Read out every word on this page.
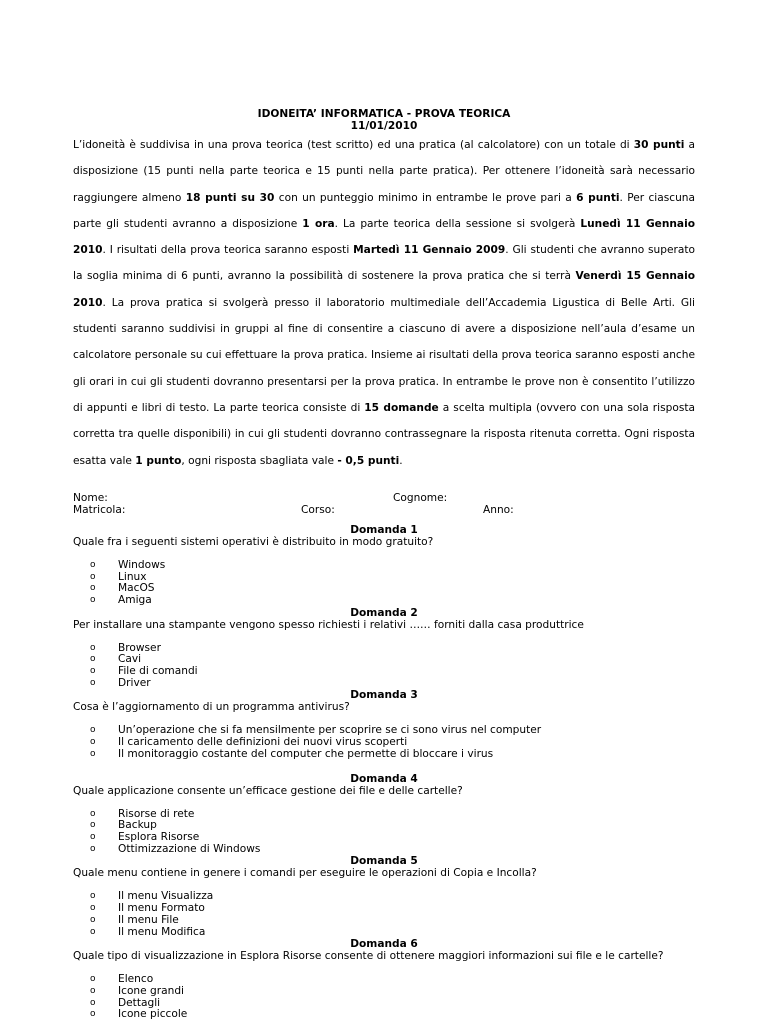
IDONEITA’ INFORMATICA - PROVA TEORICA
11/01/2010

L’idoneità è suddivisa in una prova teorica (test scritto) ed una pratica (al calcolatore) con un totale di 30 punti a disposizione (15 punti nella parte teorica e 15 punti nella parte pratica). Per ottenere l’idoneità sarà necessario raggiungere almeno 18 punti su 30 con un punteggio minimo in entrambe le prove pari a 6 punti. Per ciascuna parte gli studenti avranno a disposizione 1 ora. La parte teorica della sessione si svolgerà Lunedì 11 Gennaio 2010. I risultati della prova teorica saranno esposti Martedì 11 Gennaio 2009. Gli studenti che avranno superato la soglia minima di 6 punti, avranno la possibilità di sostenere la prova pratica che si terrà Venerdì 15 Gennaio 2010. La prova pratica si svolgerà presso il laboratorio multimediale dell’Accademia Ligustica di Belle Arti. Gli studenti saranno suddivisi in gruppi al fine di consentire a ciascuno di avere a disposizione nell’aula d’esame un calcolatore personale su cui effettuare la prova pratica. Insieme ai risultati della prova teorica saranno esposti anche gli orari in cui gli studenti dovranno presentarsi per la prova pratica. In entrambe le prove non è consentito l’utilizzo di appunti e libri di testo. La parte teorica consiste di 15 domande a scelta multipla (ovvero con una sola risposta corretta tra quelle disponibili) in cui gli studenti dovranno contrassegnare la risposta ritenuta corretta. Ogni risposta esatta vale 1 punto, ogni risposta sbagliata vale - 0,5 punti.

Nome:	Cognome:
Matricola:	Corso:	Anno:
Domanda 1
Quale fra i seguenti sistemi operativi è distribuito in modo gratuito?
o Windows
o Linux
o MacOS
o Amiga
Domanda 2
Per installare una stampante vengono spesso richiesti i relativi …… forniti dalla casa produttrice
o Browser
o Cavi
o File di comandi
o Driver
Domanda 3
Cosa è l’aggiornamento di un programma antivirus?
o Un’operazione che si fa mensilmente per scoprire se ci sono virus nel computer
o Il caricamento delle definizioni dei nuovi virus scoperti
o Il monitoraggio costante del computer che permette di bloccare i virus
Domanda 4
Quale applicazione consente un’efficace gestione dei file e delle cartelle?
o Risorse di rete
o Backup
o Esplora Risorse
o Ottimizzazione di Windows
Domanda 5
Quale menu contiene in genere i comandi per eseguire le operazioni di Copia e Incolla?
o Il menu Visualizza
o Il menu Formato
o Il menu File
o Il menu Modifica
Domanda 6
Quale tipo di visualizzazione in Esplora Risorse consente di ottenere maggiori informazioni sui file e le cartelle?
o Elenco
o Icone grandi
o Dettagli
o Icone piccole
